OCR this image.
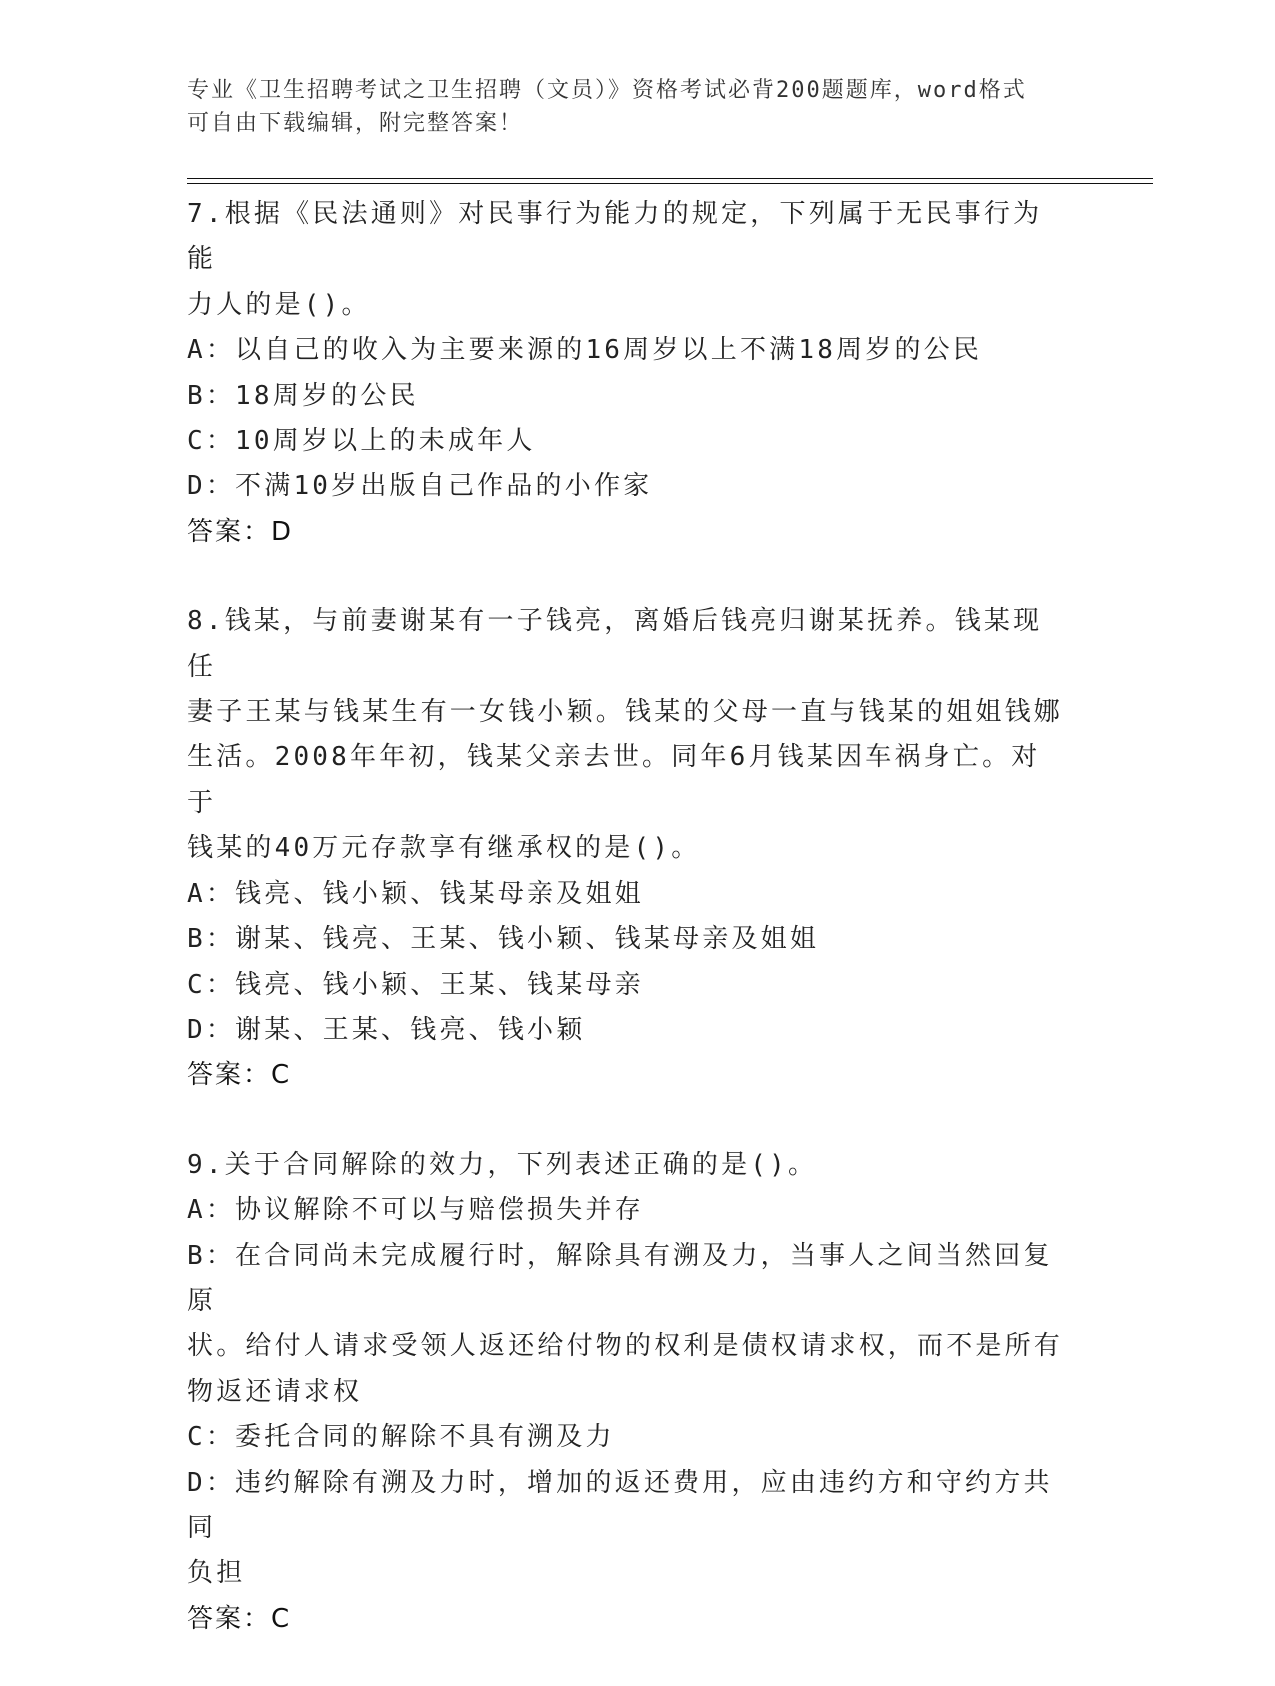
专业《卫生招聘考试之卫生招聘（文员）》资格考试必背200题题库，word格式
可自由下载编辑，附完整答案！
7.根据《民法通则》对民事行为能力的规定，下列属于无民事行为能
力人的是()。
A：以自己的收入为主要来源的16周岁以上不满18周岁的公民
B：18周岁的公民
C：10周岁以上的未成年人
D：不满10岁出版自己作品的小作家
答案：D
8.钱某，与前妻谢某有一子钱亮，离婚后钱亮归谢某抚养。钱某现任
妻子王某与钱某生有一女钱小颖。钱某的父母一直与钱某的姐姐钱娜
生活。2008年年初，钱某父亲去世。同年6月钱某因车祸身亡。对于
钱某的40万元存款享有继承权的是()。
A：钱亮、钱小颖、钱某母亲及姐姐
B：谢某、钱亮、王某、钱小颖、钱某母亲及姐姐
C：钱亮、钱小颖、王某、钱某母亲
D：谢某、王某、钱亮、钱小颖
答案：C
9.关于合同解除的效力，下列表述正确的是()。
A：协议解除不可以与赔偿损失并存
B：在合同尚未完成履行时，解除具有溯及力，当事人之间当然回复原
状。给付人请求受领人返还给付物的权利是债权请求权，而不是所有
物返还请求权
C：委托合同的解除不具有溯及力
D：违约解除有溯及力时，增加的返还费用，应由违约方和守约方共同
负担
答案：C
